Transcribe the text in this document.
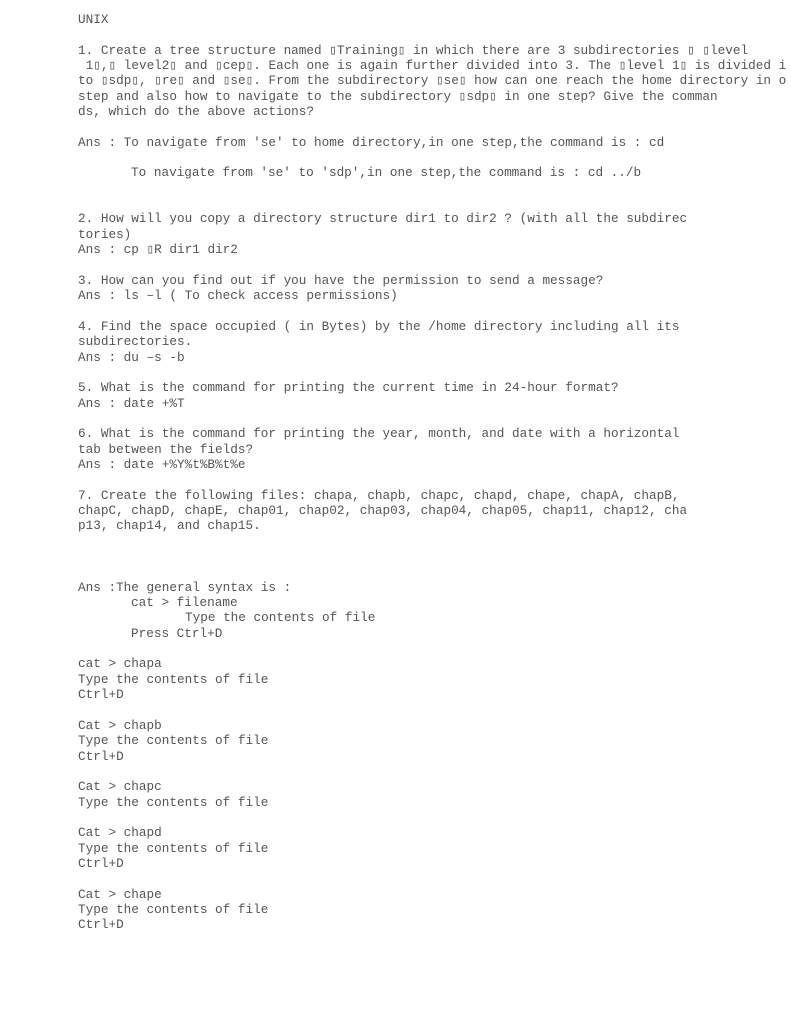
UNIX
1. Create a tree structure named ▯Training▯ in which there are 3 subdirectories ▯ ▯level
1▯,▯ level2▯ and ▯cep▯. Each one is again further divided into 3. The ▯level 1▯ is divided i
to ▯sdp▯, ▯re▯ and ▯se▯. From the subdirectory ▯se▯ how can one reach the home directory in o
step and also how to navigate to the subdirectory ▯sdp▯ in one step? Give the comman
ds, which do the above actions?
Ans : To navigate from 'se' to home directory,in one step,the command is : cd
To navigate from 'se' to 'sdp',in one step,the command is : cd ../b
2. How will you copy a directory structure dir1 to dir2 ? (with all the subdirec
tories)
Ans : cp ▯R dir1 dir2
3. How can you find out if you have the permission to send a message?
Ans : ls –l ( To check access permissions)
4. Find the space occupied ( in Bytes) by the /home directory including all its
subdirectories.
Ans : du –s -b
5. What is the command for printing the current time in 24-hour format?
Ans : date +%T
6. What is the command for printing the year, month, and date with a horizontal
tab between the fields?
Ans : date +%Y%t%B%t%e
7. Create the following files: chapa, chapb, chapc, chapd, chape, chapA, chapB,
chapC, chapD, chapE, chap01, chap02, chap03, chap04, chap05, chap11, chap12, cha
p13, chap14, and chap15.
Ans :The general syntax is :
cat > filename
Type the contents of file
Press Ctrl+D
cat > chapa
Type the contents of file
Ctrl+D
Cat > chapb
Type the contents of file
Ctrl+D
Cat > chapc
Type the contents of file
Cat > chapd
Type the contents of file
Ctrl+D
Cat > chape
Type the contents of file
Ctrl+D
